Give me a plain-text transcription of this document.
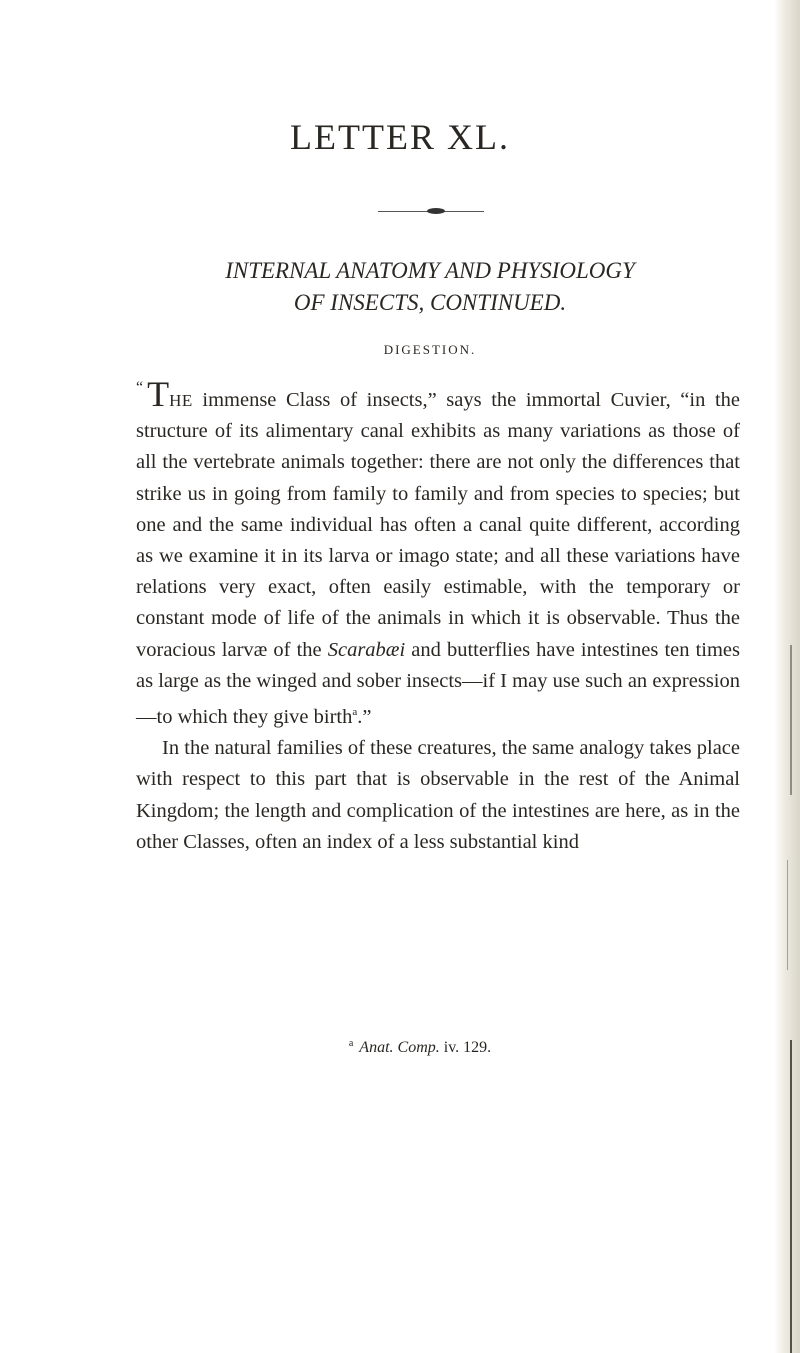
LETTER XL.
INTERNAL ANATOMY AND PHYSIOLOGY
OF INSECTS, CONTINUED.
DIGESTION.

“ THE immense Class of insects,” says the immortal Cuvier, “in the structure of its alimentary canal exhibits as many variations as those of all the vertebrate animals together: there are not only the differences that strike us in going from family to family and from species to species; but one and the same individual has often a canal quite different, according as we examine it in its larva or imago state; and all these variations have relations very exact, often easily estimable, with the temporary or constant mode of life of the animals in which it is observable. Thus the voracious larvæ of the Scarabæi and butterflies have intestines ten times as large as the winged and sober insects—if I may use such an expression—to which they give birth$^a$.”

In the natural families of these creatures, the same analogy takes place with respect to this part that is observable in the rest of the Animal Kingdom; the length and complication of the intestines are here, as in the other Classes, often an index of a less substantial kind

$^a$ Anat. Comp. iv. 129.
